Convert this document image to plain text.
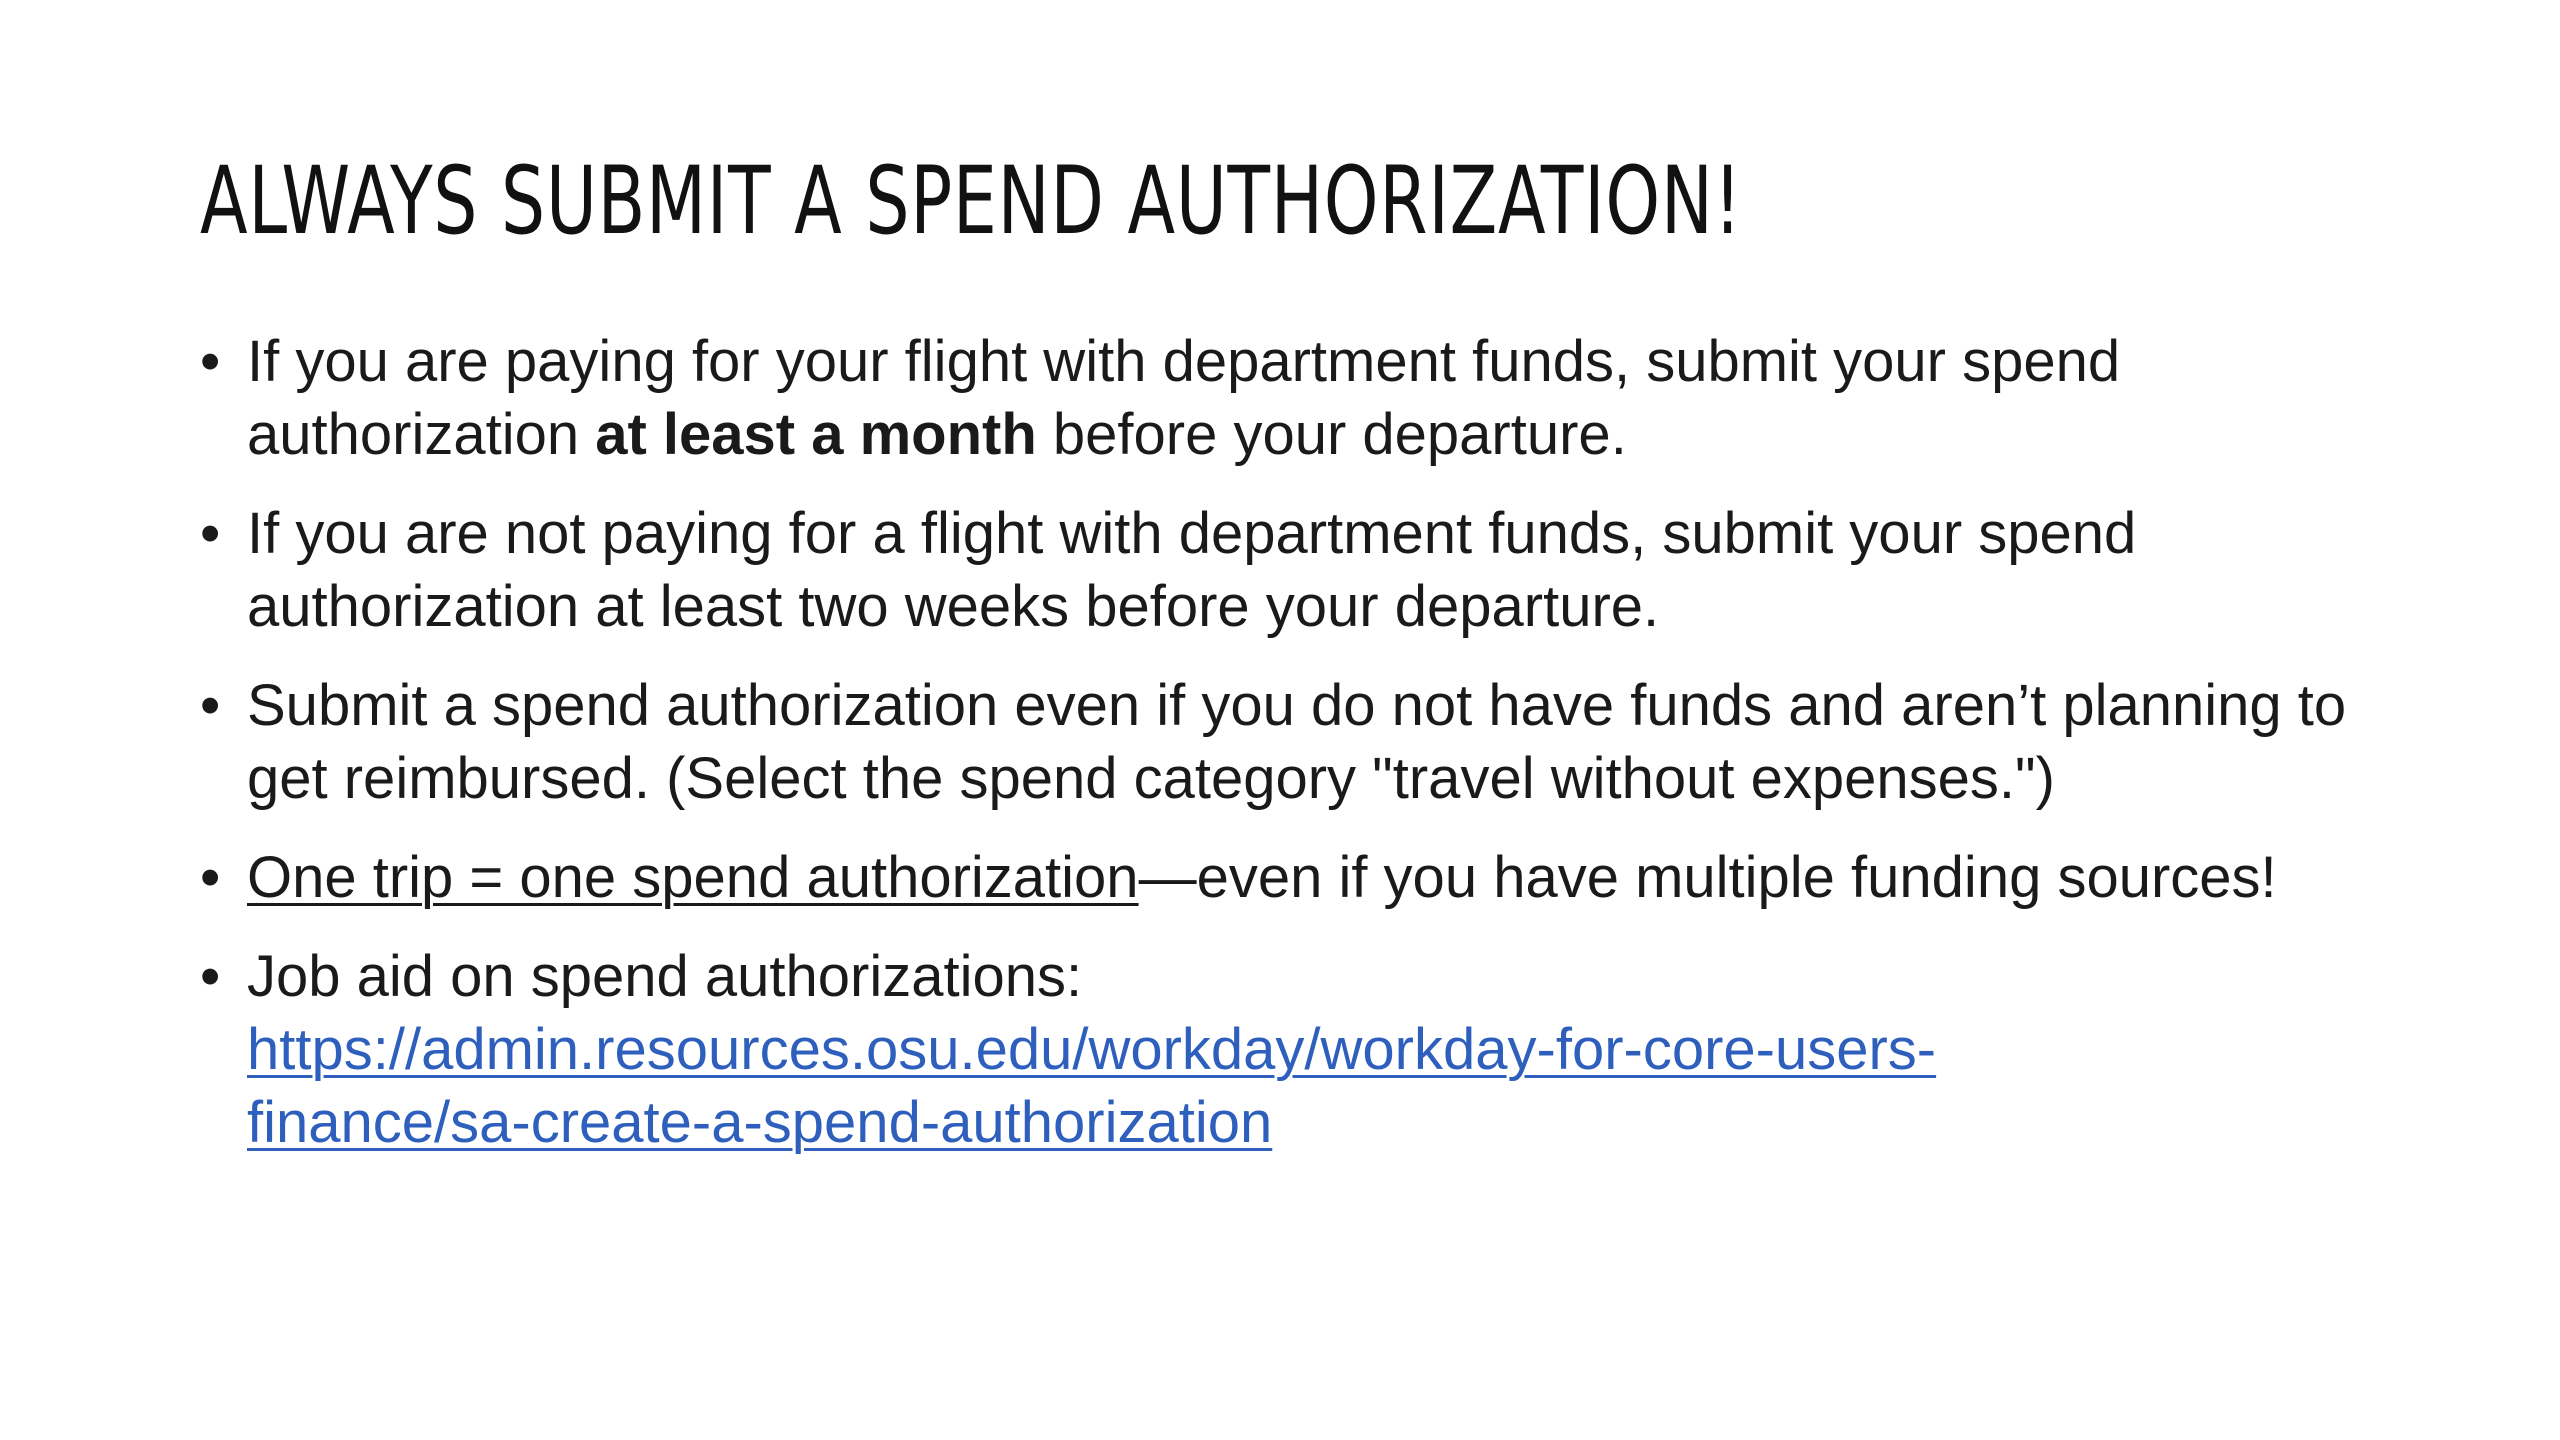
ALWAYS SUBMIT A SPEND AUTHORIZATION!
• If you are paying for your flight with department funds, submit your spend authorization at least a month before your departure.
• If you are not paying for a flight with department funds, submit your spend authorization at least two weeks before your departure.
• Submit a spend authorization even if you do not have funds and aren’t planning to get reimbursed. (Select the spend category "travel without expenses.")
• One trip = one spend authorization—even if you have multiple funding sources!
• Job aid on spend authorizations:
https://admin.resources.osu.edu/workday/workday-for-core-users-
finance/sa-create-a-spend-authorization
